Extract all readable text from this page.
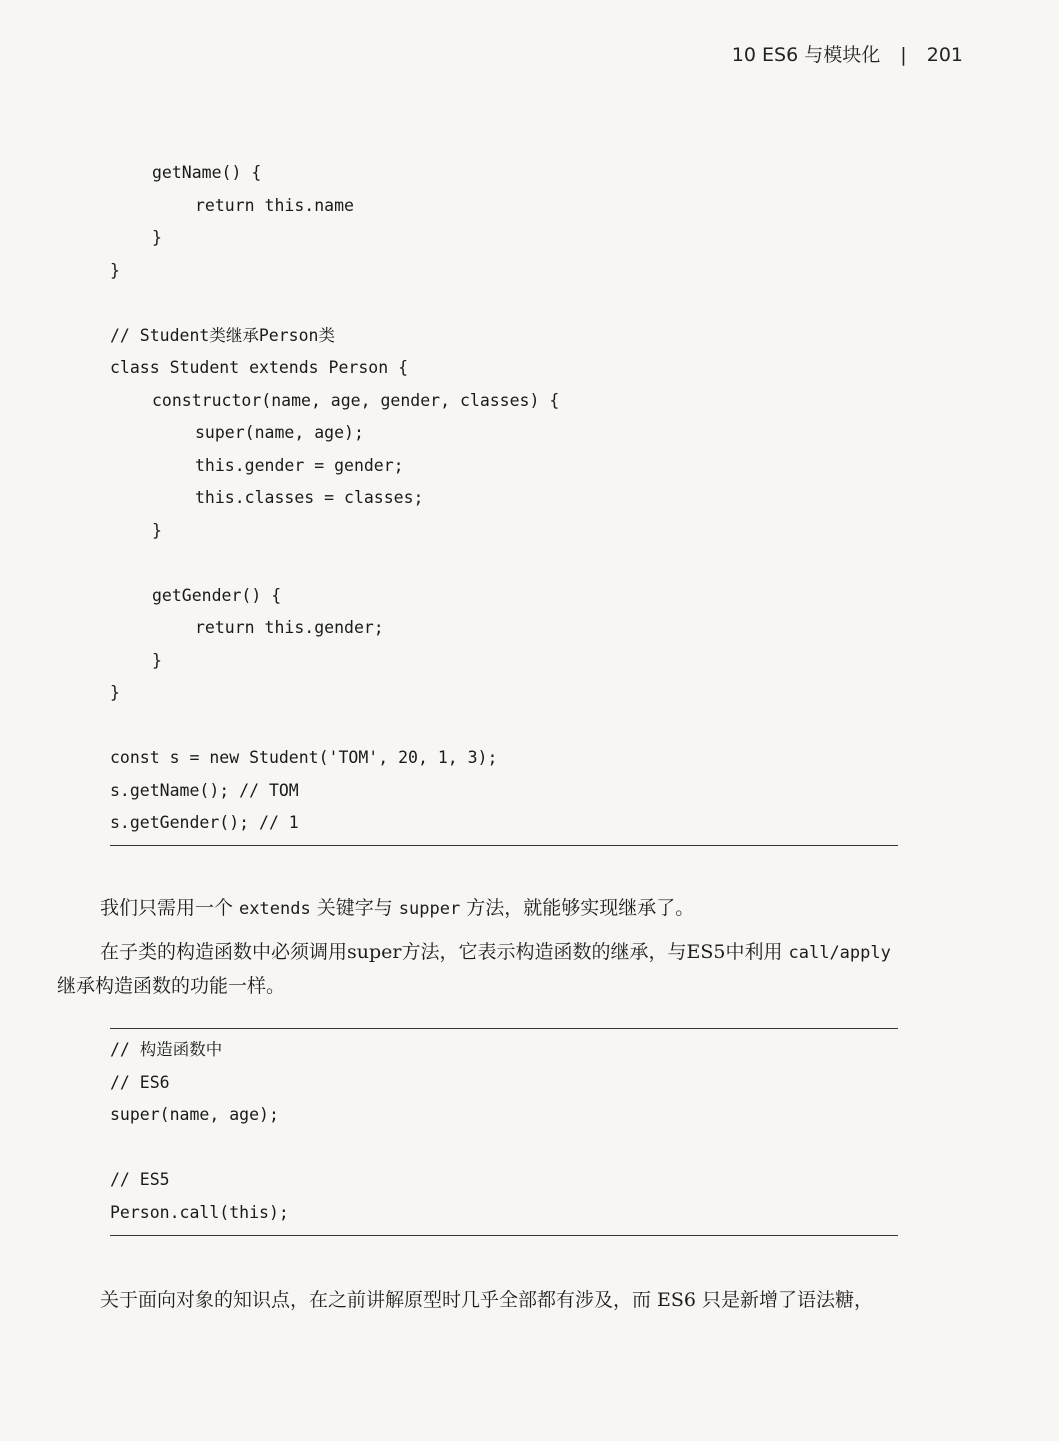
10 ES6 与模块化 | 201
getName() {
return this.name
}
}
// Student类继承Person类
class Student extends Person {
constructor(name, age, gender, classes) {
super(name, age);
this.gender = gender;
this.classes = classes;
}
getGender() {
return this.gender;
}
}
const s = new Student('TOM', 20, 1, 3);
s.getName(); // TOM
s.getGender(); // 1

我们只需用一个 extends 关键字与 supper 方法，就能够实现继承了。

在子类的构造函数中必须调用super方法，它表示构造函数的继承，与ES5中利用 call/apply

继承构造函数的功能一样。

// 构造函数中
// ES6
super(name, age);
// ES5
Person.call(this);

关于面向对象的知识点，在之前讲解原型时几乎全部都有涉及，而 ES6 只是新增了语法糖，
